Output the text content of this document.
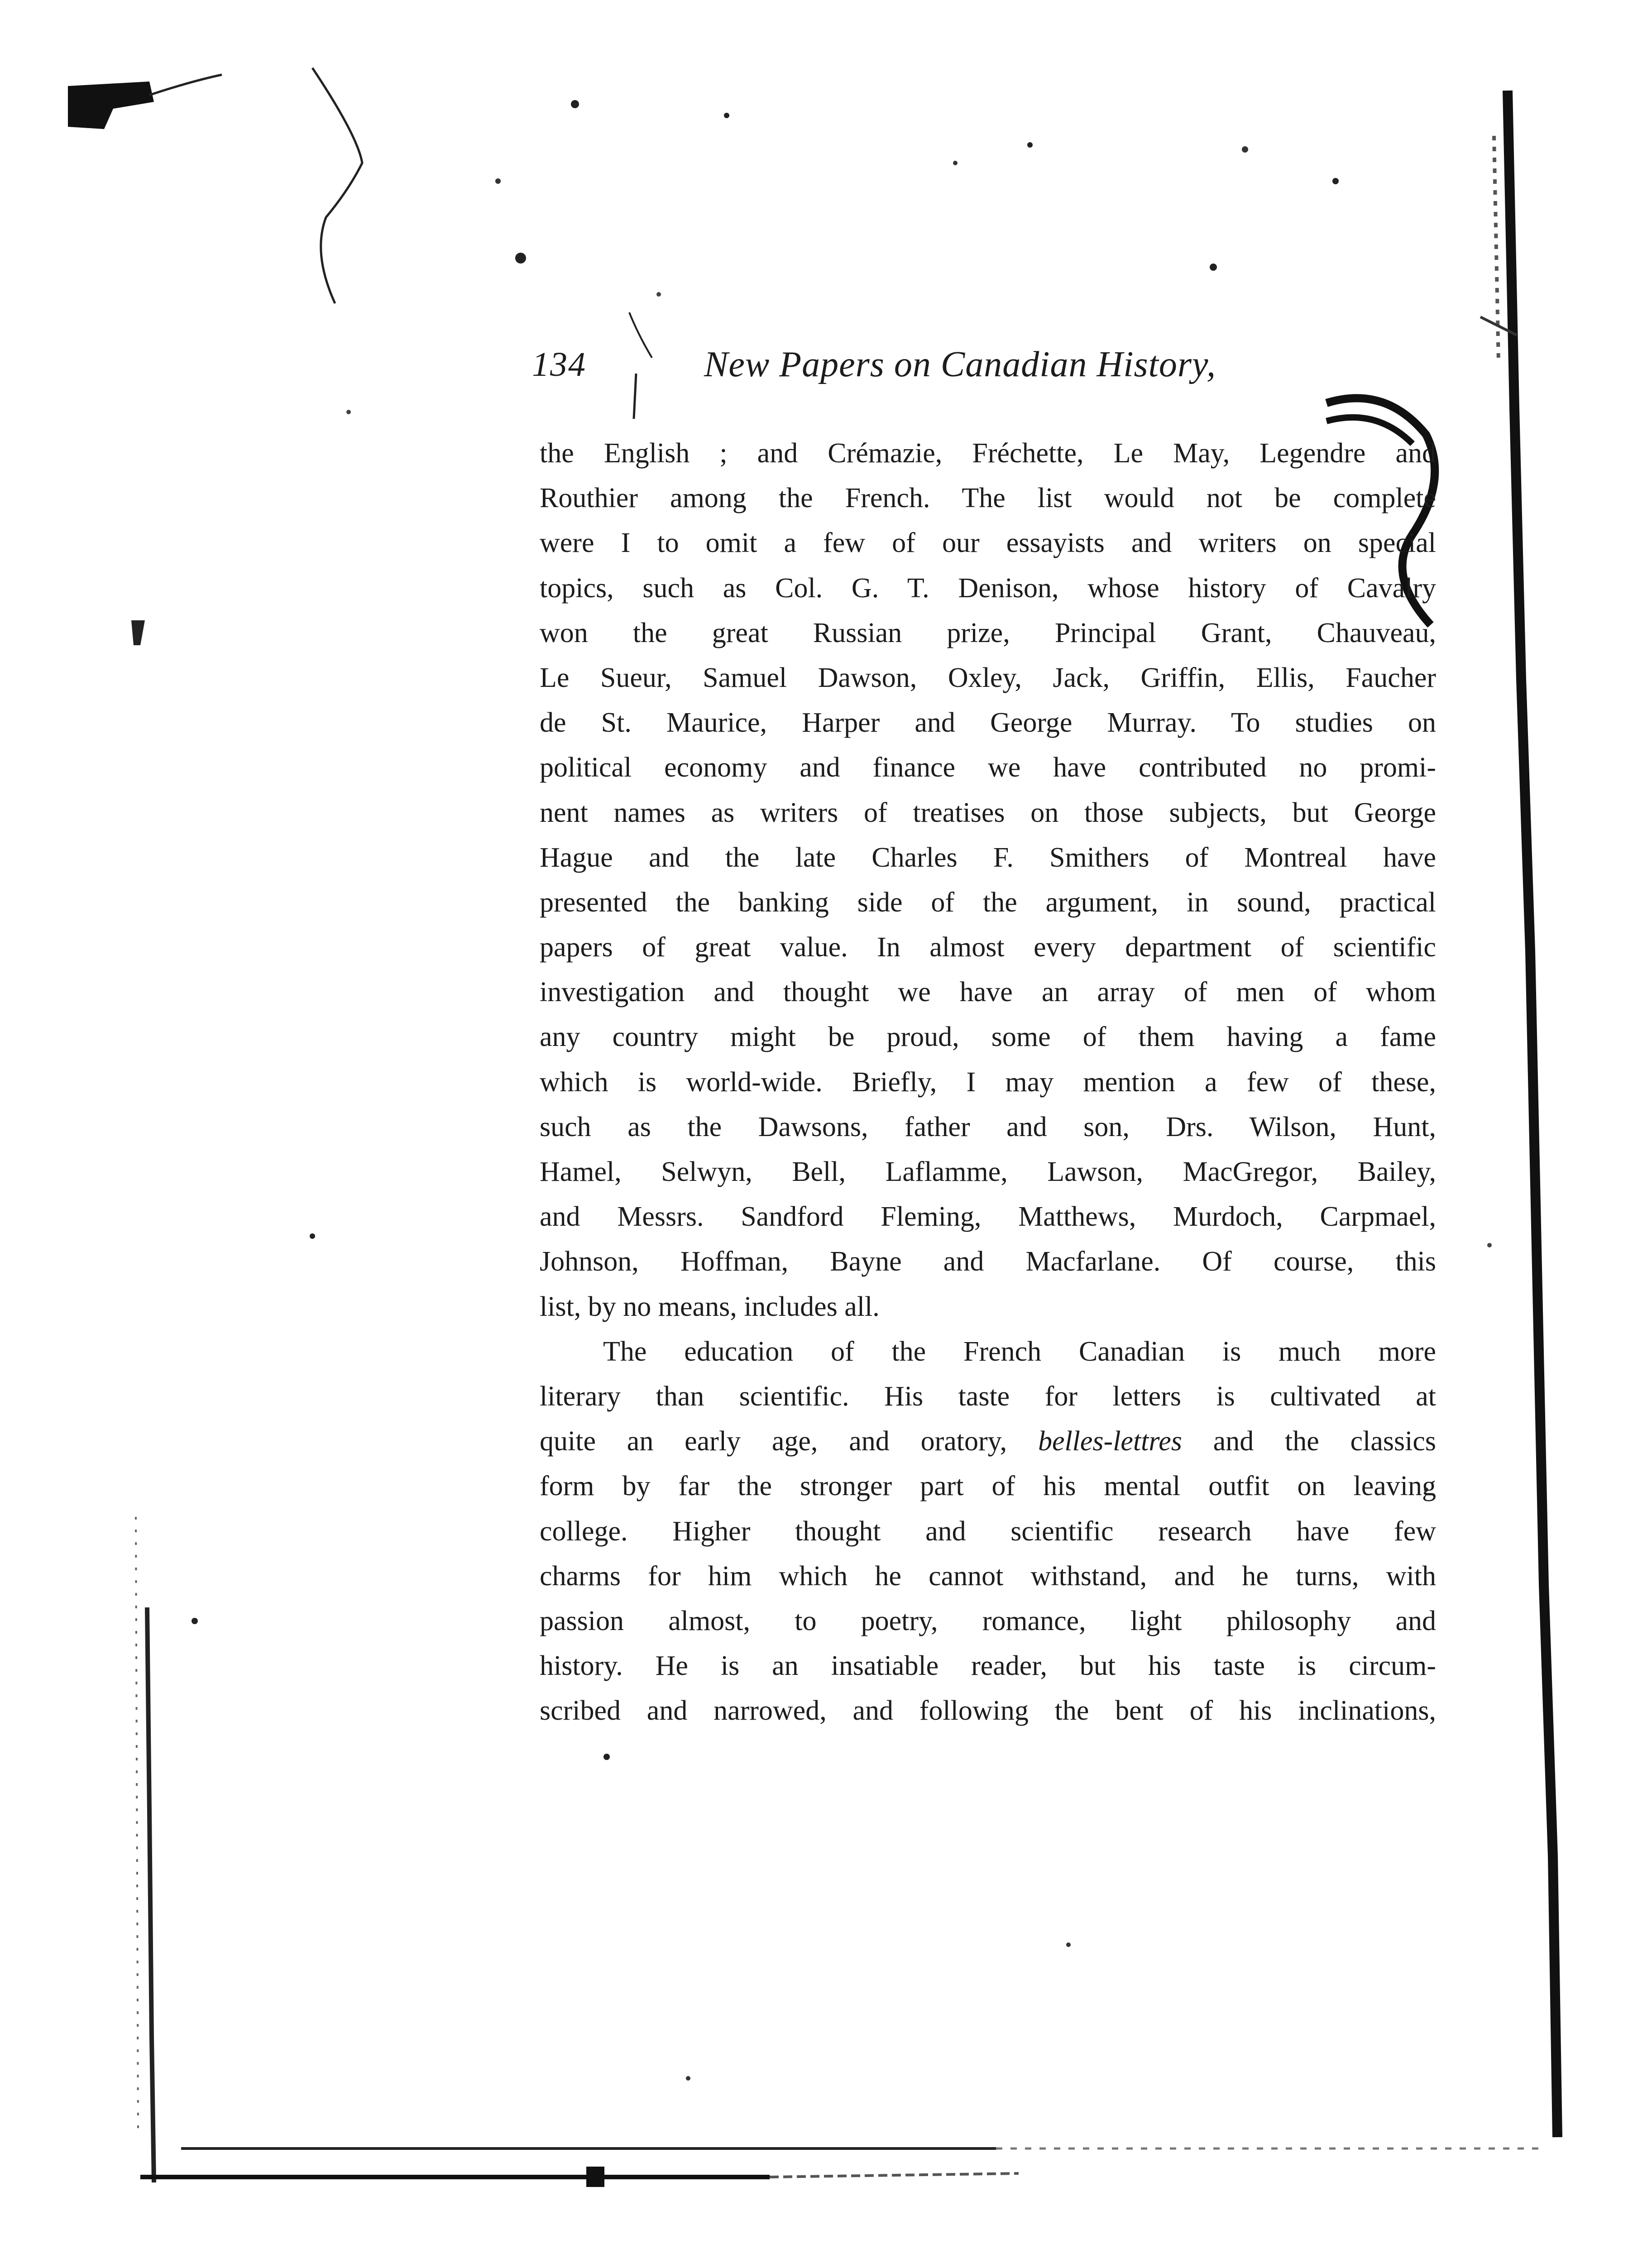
134	New Papers on Canadian History,

the English ; and Crémazie, Fréchette, Le May, Legendre and
Routhier among the French. The list would not be complete
were I to omit a few of our essayists and writers on special
topics, such as Col. G. T. Denison, whose history of Cavalry
won the great Russian prize, Principal Grant, Chauveau,
Le Sueur, Samuel Dawson, Oxley, Jack, Griffin, Ellis, Faucher
de St. Maurice, Harper and George Murray. To studies on
political economy and finance we have contributed no promi-
nent names as writers of treatises on those subjects, but George
Hague and the late Charles F. Smithers of Montreal have
presented the banking side of the argument, in sound, practical
papers of great value. In almost every department of scientific
investigation and thought we have an array of men of whom
any country might be proud, some of them having a fame
which is world-wide. Briefly, I may mention a few of these,
such as the Dawsons, father and son, Drs. Wilson, Hunt,
Hamel, Selwyn, Bell, Laflamme, Lawson, MacGregor, Bailey,
and Messrs. Sandford Fleming, Matthews, Murdoch, Carpmael,
Johnson, Hoffman, Bayne and Macfarlane. Of course, this
list, by no means, includes all.

The education of the French Canadian is much more
literary than scientific. His taste for letters is cultivated at
quite an early age, and oratory, belles-lettres and the classics
form by far the stronger part of his mental outfit on leaving
college. Higher thought and scientific research have few
charms for him which he cannot withstand, and he turns, with
passion almost, to poetry, romance, light philosophy and
history. He is an insatiable reader, but his taste is circum-
scribed and narrowed, and following the bent of his inclinations,
